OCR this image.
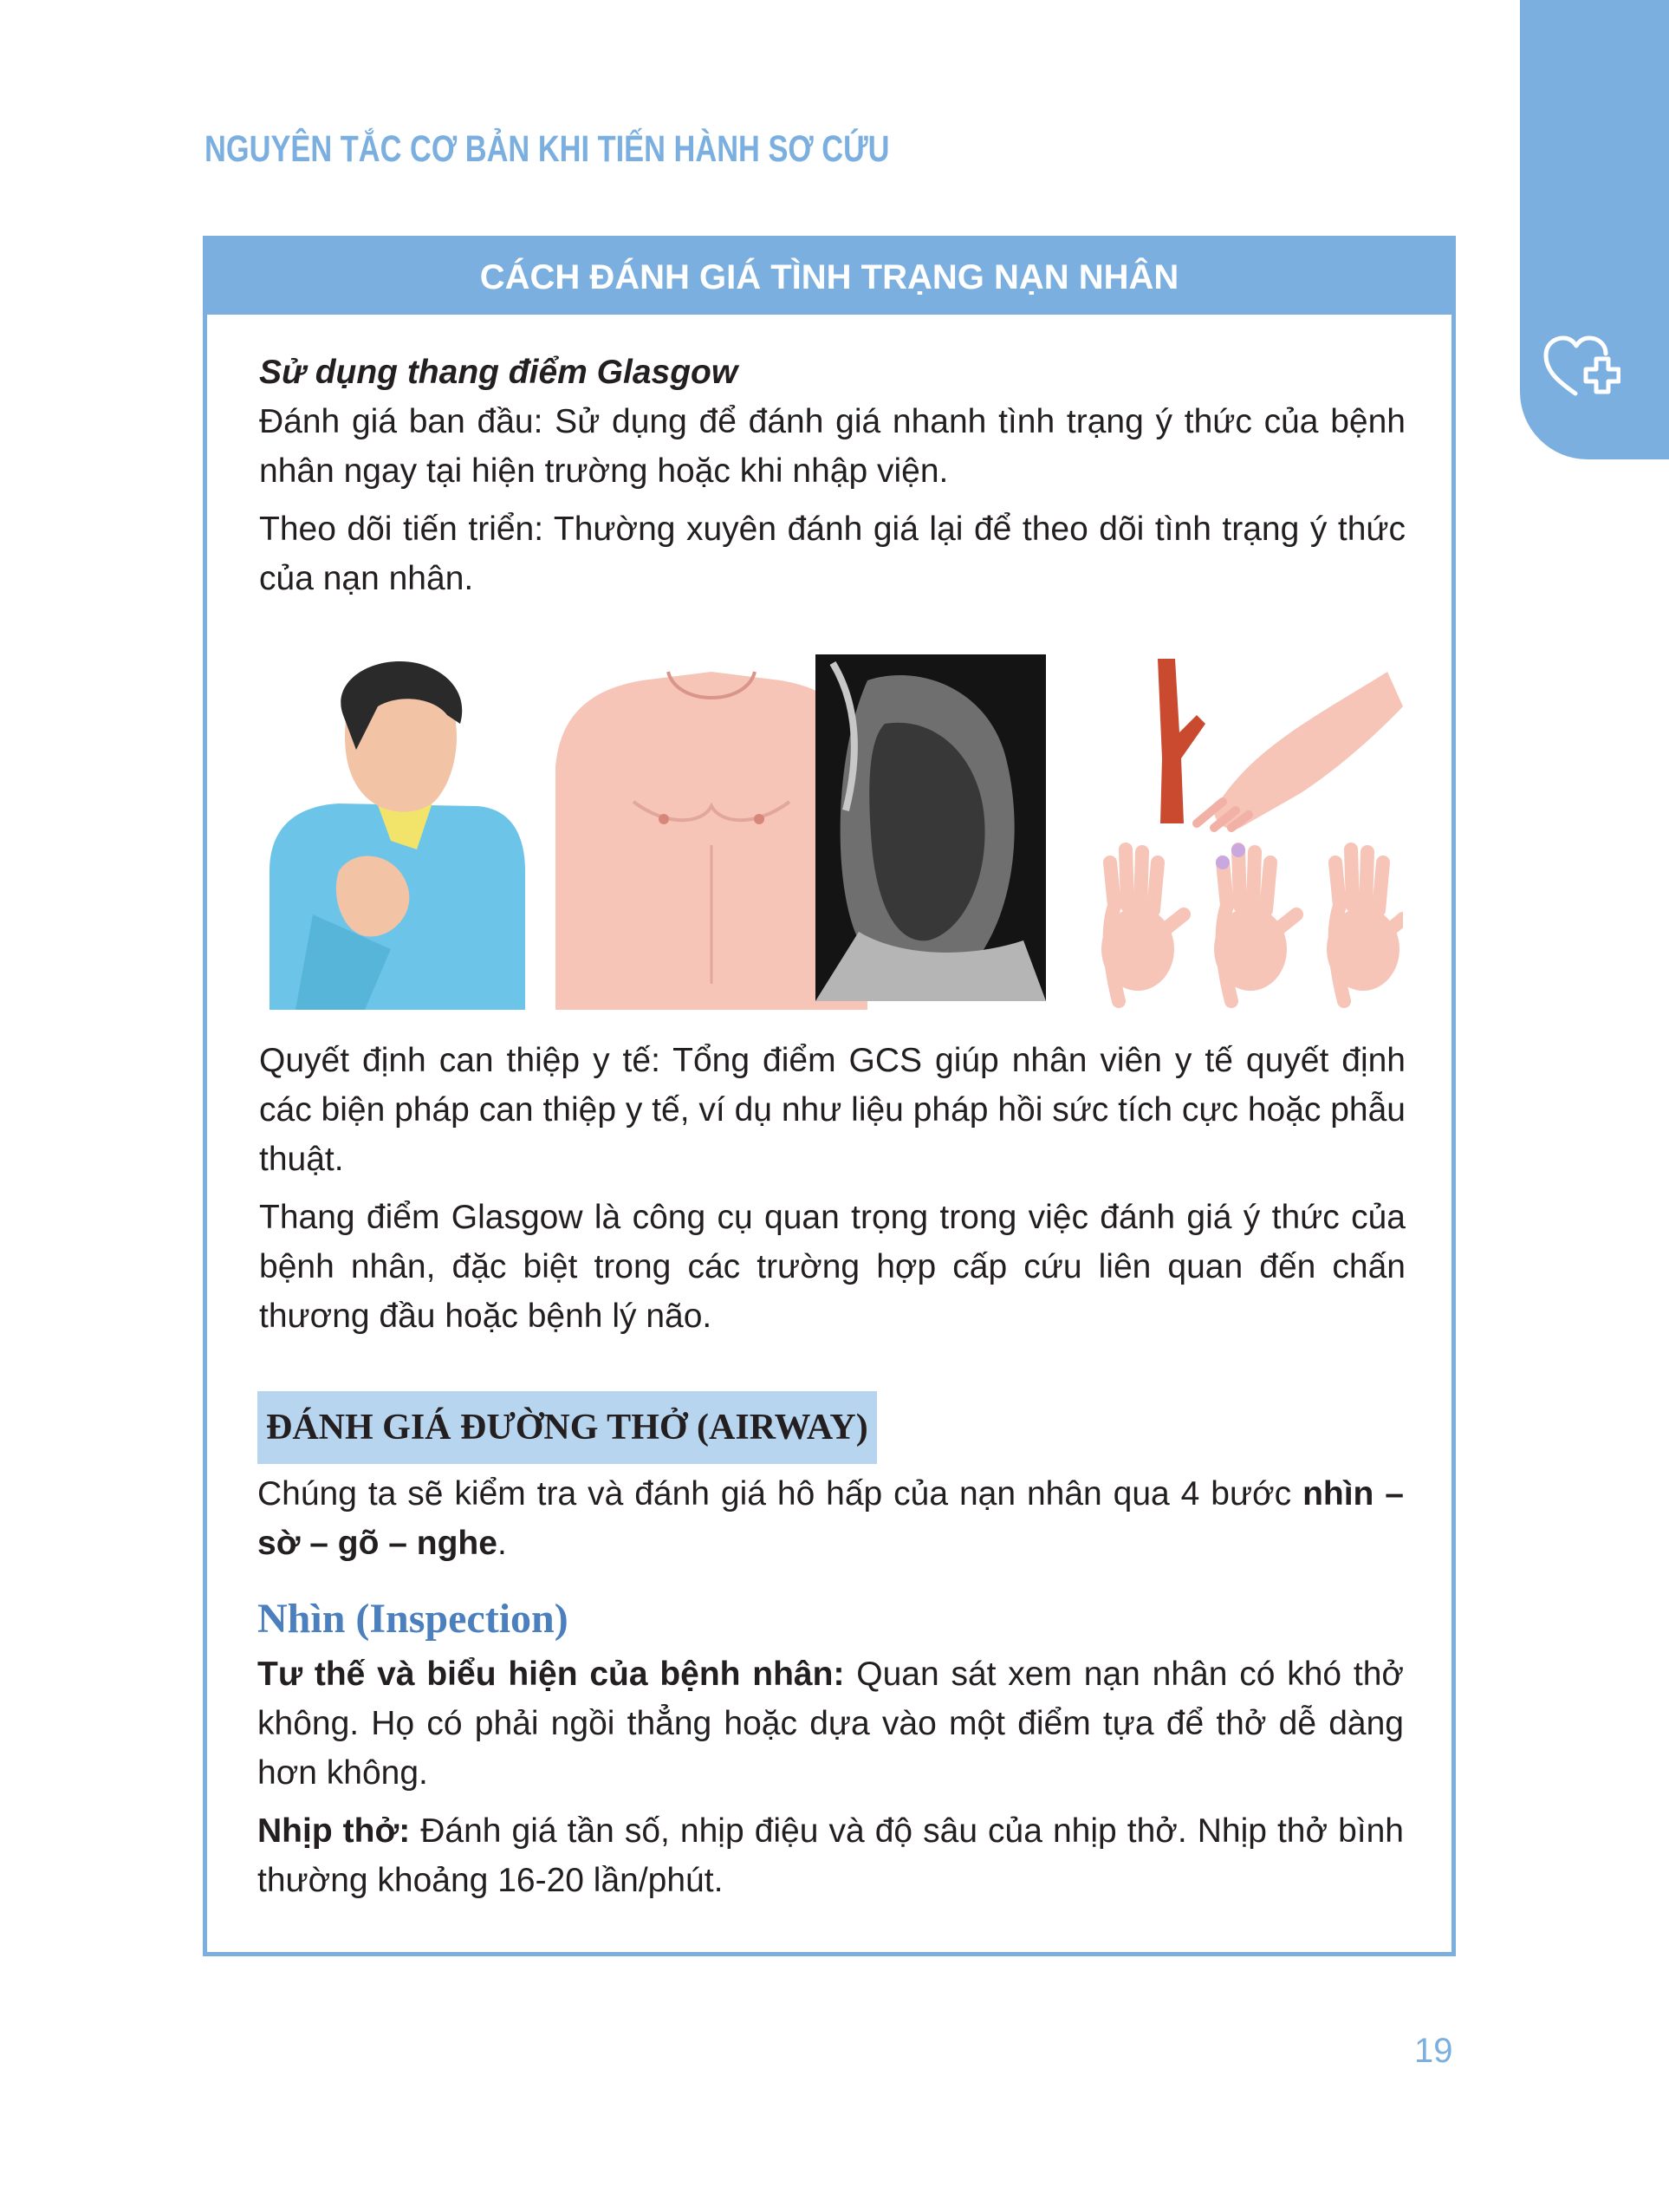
NGUYÊN TẮC CƠ BẢN KHI TIẾN HÀNH SƠ CỨU
CÁCH ĐÁNH GIÁ TÌNH TRẠNG NẠN NHÂN

Sử dụng thang điểm Glasgow

Đánh giá ban đầu: Sử dụng để đánh giá nhanh tình trạng ý thức của bệnh nhân ngay tại hiện trường hoặc khi nhập viện.

Theo dõi tiến triển: Thường xuyên đánh giá lại để theo dõi tình trạng ý thức của nạn nhân.

Quyết định can thiệp y tế: Tổng điểm GCS giúp nhân viên y tế quyết định các biện pháp can thiệp y tế, ví dụ như liệu pháp hồi sức tích cực hoặc phẫu thuật.

Thang điểm Glasgow là công cụ quan trọng trong việc đánh giá ý thức của bệnh nhân, đặc biệt trong các trường hợp cấp cứu liên quan đến chấn thương đầu hoặc bệnh lý não.

ĐÁNH GIÁ ĐƯỜNG THỞ (AIRWAY)

Chúng ta sẽ kiểm tra và đánh giá hô hấp của nạn nhân qua 4 bước nhìn – sờ – gõ – nghe.

Nhìn (Inspection)

Tư thế và biểu hiện của bệnh nhân: Quan sát xem nạn nhân có khó thở không. Họ có phải ngồi thẳng hoặc dựa vào một điểm tựa để thở dễ dàng hơn không.

Nhịp thở: Đánh giá tần số, nhịp điệu và độ sâu của nhịp thở. Nhịp thở bình thường khoảng 16-20 lần/phút.

19
